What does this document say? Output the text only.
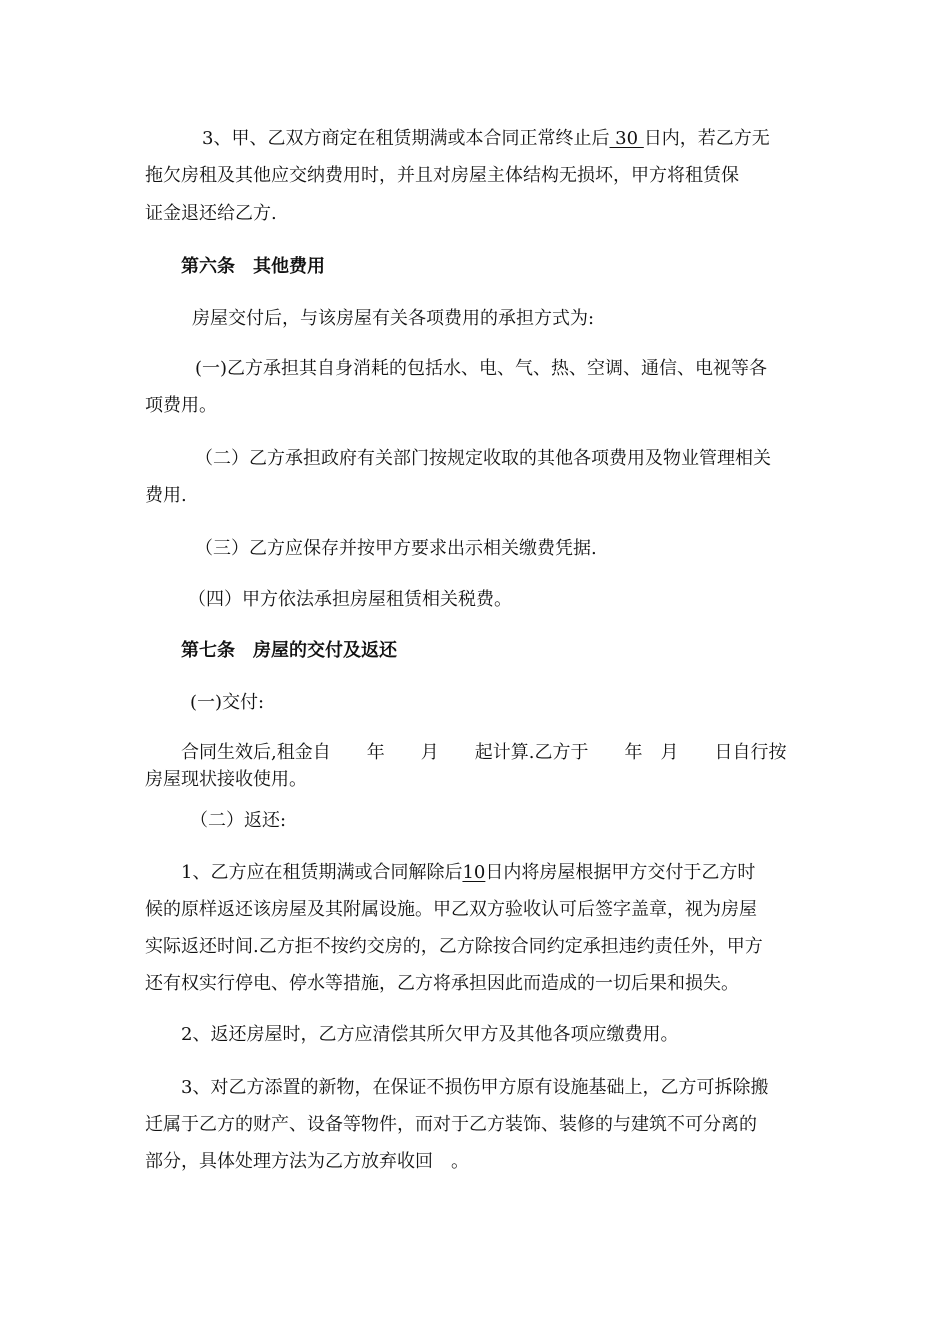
3、甲、乙双方商定在租赁期满或本合同正常终止后 30 日内，若乙方无
拖欠房租及其他应交纳费用时，并且对房屋主体结构无损坏，甲方将租赁保
证金退还给乙方.
第六条　其他费用
房屋交付后，与该房屋有关各项费用的承担方式为:
(一)乙方承担其自身消耗的包括水、电、气、热、空调、通信、电视等各
项费用。
（二）乙方承担政府有关部门按规定收取的其他各项费用及物业管理相关
费用.
（三）乙方应保存并按甲方要求出示相关缴费凭据.
（四）甲方依法承担房屋租赁相关税费。
第七条　房屋的交付及返还
(一)交付:
合同生效后,租金自　　年　　月　　起计算.乙方于　　年　月　　日自行按
房屋现状接收使用。
（二）返还:
1、乙方应在租赁期满或合同解除后10日内将房屋根据甲方交付于乙方时
候的原样返还该房屋及其附属设施。甲乙双方验收认可后签字盖章，视为房屋
实际返还时间.乙方拒不按约交房的，乙方除按合同约定承担违约责任外，甲方
还有权实行停电、停水等措施，乙方将承担因此而造成的一切后果和损失。
2、返还房屋时，乙方应清偿其所欠甲方及其他各项应缴费用。
3、对乙方添置的新物，在保证不损伤甲方原有设施基础上，乙方可拆除搬
迁属于乙方的财产、设备等物件，而对于乙方装饰、装修的与建筑不可分离的
部分，具体处理方法为乙方放弃收回　。
